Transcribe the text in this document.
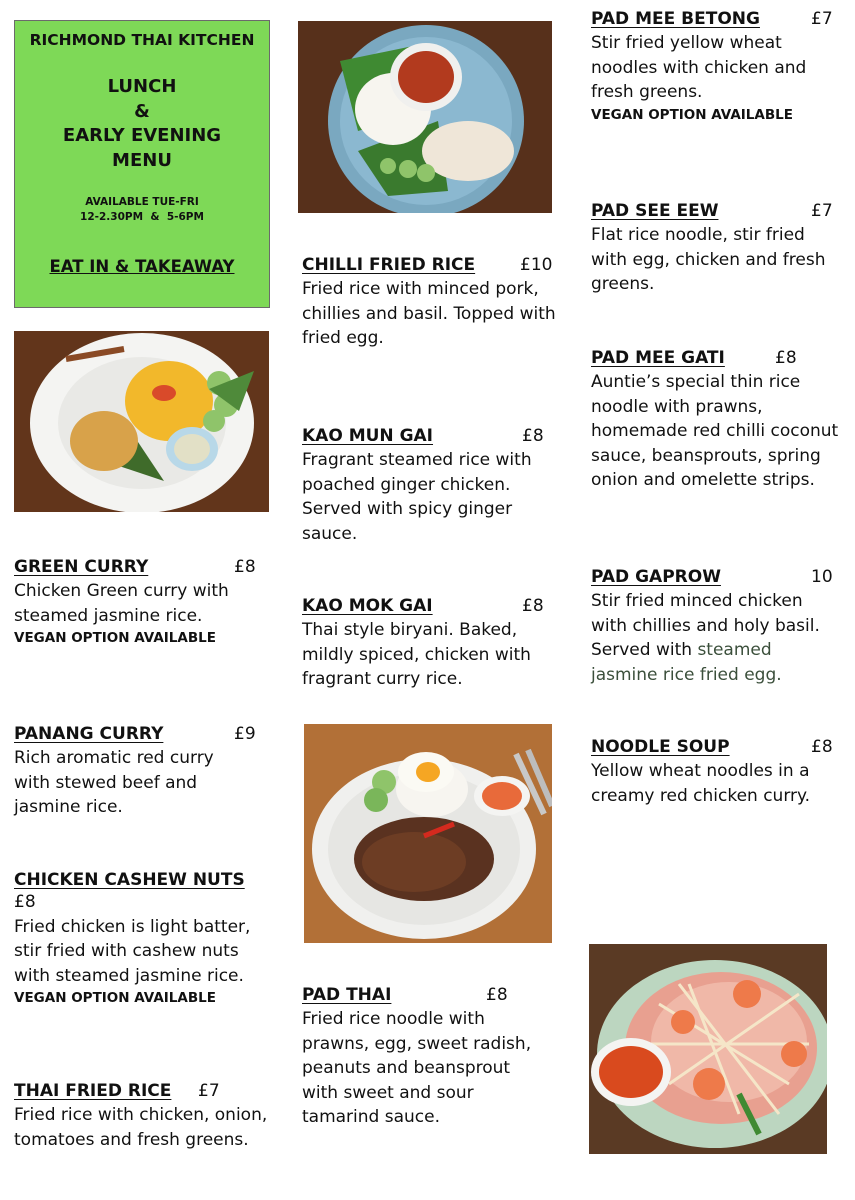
RICHMOND THAI KITCHEN
LUNCH
&
EARLY EVENING
MENU
AVAILABLE TUE-FRI
12-2.30PM  &  5-6PM
EAT IN & TAKEAWAY
GREEN CURRY	£8
Chicken Green curry with steamed jasmine rice.
VEGAN OPTION AVAILABLE
PANANG CURRY	£9
Rich aromatic red curry with stewed beef and jasmine rice.
CHICKEN CASHEW NUTS
£8
Fried chicken is light batter, stir fried with cashew nuts with steamed jasmine rice.
VEGAN OPTION AVAILABLE
THAI FRIED RICE £7
Fried rice with chicken, onion, tomatoes and fresh greens.
CHILLI FRIED RICE	£10
Fried rice with minced pork, chillies and basil. Topped with fried egg.
KAO MUN GAI	£8
Fragrant steamed rice with poached ginger chicken. Served with spicy ginger sauce.
KAO MOK GAI	£8
Thai style biryani. Baked, mildly spiced, chicken with fragrant curry rice.
PAD THAI	£8
Fried rice noodle with prawns, egg, sweet radish, peanuts and beansprout with sweet and sour tamarind sauce.
PAD MEE BETONG	£7
Stir fried yellow wheat noodles with chicken and fresh greens.
VEGAN OPTION AVAILABLE
PAD SEE EEW	£7
Flat rice noodle, stir fried with egg, chicken and fresh greens.
PAD MEE GATI	£8
Auntie’s special thin rice noodle with prawns, homemade red chilli coconut sauce, beansprouts, spring onion and omelette strips.
PAD GAPROW	10
Stir fried minced chicken with chillies and holy basil. Served with steamed jasmine rice fried egg.
NOODLE SOUP	£8
Yellow wheat noodles in a creamy red chicken curry.
